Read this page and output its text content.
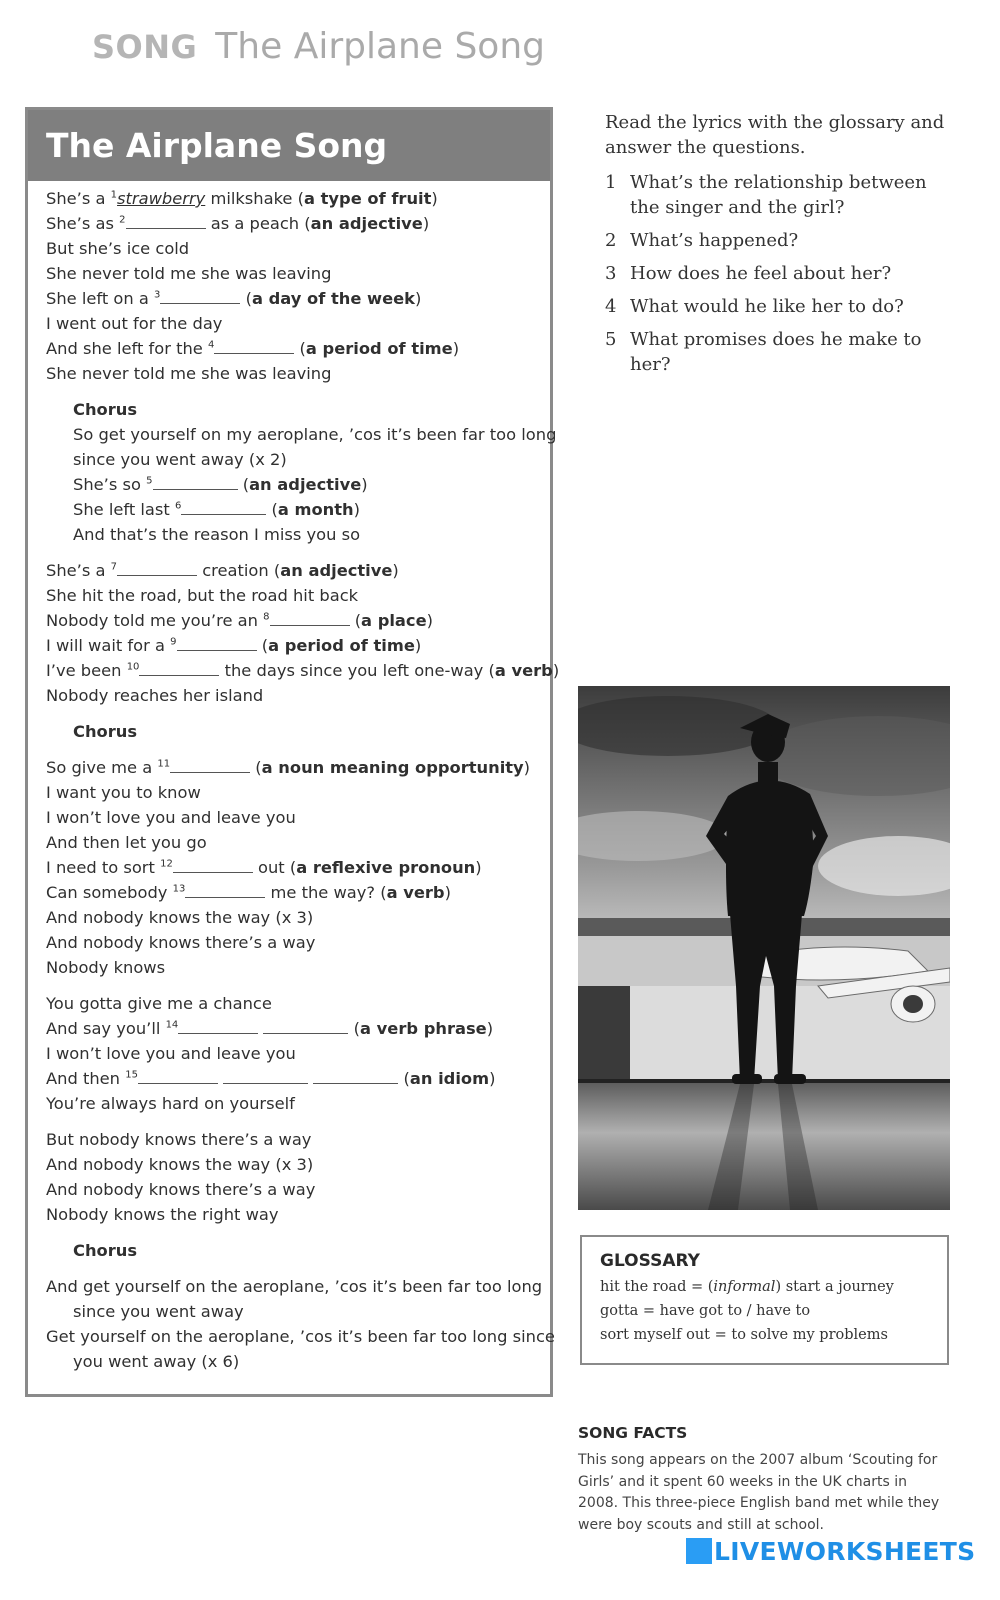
SONG The Airplane Song
The Airplane Song
She’s a $^1$strawberry milkshake (a type of fruit)
She’s as $^2$	as a peach (an adjective)
But she’s ice cold
She never told me she was leaving
She left on a $^3$	(a day of the week)
I went out for the day
And she left for the $^4$	(a period of time)
She never told me she was leaving
Chorus
So get yourself on my aeroplane, ’cos it’s been far too long
since you went away (x 2)
She’s so $^5$	(an adjective)
She left last $^6$	(a month)
And that’s the reason I miss you so
She’s a $^7$	creation (an adjective)
She hit the road, but the road hit back
Nobody told me you’re an $^8$	(a place)
I will wait for a $^9$	(a period of time)
I’ve been $^{10}$	the days since you left one-way (a verb)
Nobody reaches her island
Chorus
So give me a $^{11}$	(a noun meaning opportunity)
I want you to know
I won’t love you and leave you
And then let you go
I need to sort $^{12}$	out (a reflexive pronoun)
Can somebody $^{13}$	me the way? (a verb)
And nobody knows the way (x 3)
And nobody knows there’s a way
Nobody knows
You gotta give me a chance
And say you’ll $^{14}$	(a verb phrase)
I won’t love you and leave you
And then $^{15}$	(an idiom)
You’re always hard on yourself
But nobody knows there’s a way
And nobody knows the way (x 3)
And nobody knows there’s a way
Nobody knows the right way
Chorus
And get yourself on the aeroplane, ’cos it’s been far too long
since you went away
Get yourself on the aeroplane, ’cos it’s been far too long since
you went away (x 6)

Read the lyrics with the glossary and answer the questions.

1 What’s the relationship between the singer and the girl?
2 What’s happened?
3 How does he feel about her?
4 What would he like her to do?
5 What promises does he make to her?
GLOSSARY
hit the road = (informal) start a journey
gotta = have got to / have to
sort myself out = to solve my problems
SONG FACTS
This song appears on the 2007 album ‘Scouting for Girls’ and it spent 60 weeks in the UK charts in 2008. This three-piece English band met while they were boy scouts and still at school.
LIVEWORKSHEETS
